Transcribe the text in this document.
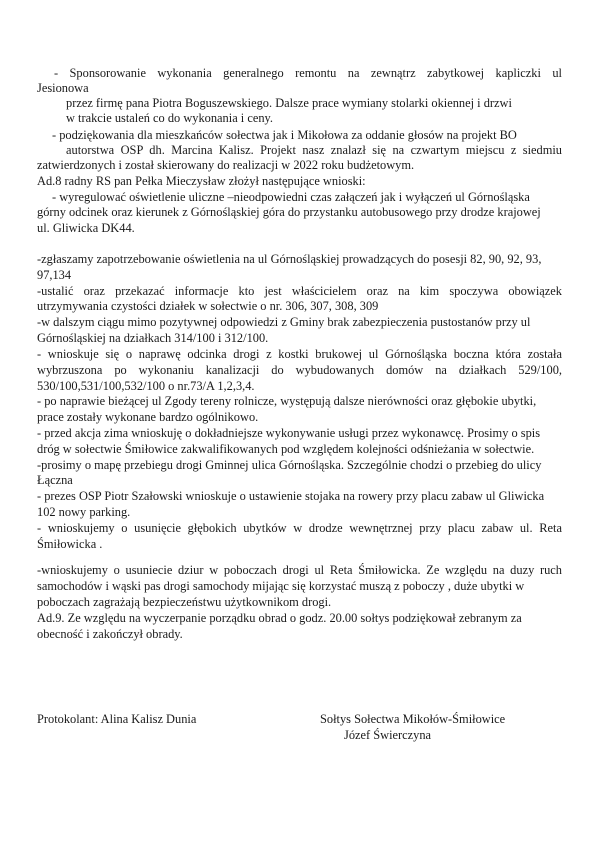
- Sponsorowanie wykonania generalnego remontu na zewnątrz zabytkowej kapliczki ul
Jesionowa
przez firmę pana Piotra Boguszewskiego. Dalsze prace wymiany stolarki okiennej i drzwi
w trakcie ustaleń co do wykonania i ceny.
- podziękowania dla mieszkańców sołectwa jak i Mikołowa za oddanie głosów na projekt BO
autorstwa OSP dh. Marcina Kalisz. Projekt nasz znalazł się na czwartym miejscu z siedmiu
zatwierdzonych i został skierowany do realizacji w 2022 roku budżetowym.
Ad.8 radny RS pan Pełka Mieczysław złożył następujące wnioski:
- wyregulować oświetlenie uliczne –nieodpowiedni czas załączeń jak i wyłączeń ul Górnośląska
górny odcinek oraz kierunek z Górnośląskiej góra do przystanku autobusowego przy drodze krajowej
ul. Gliwicka DK44.
-zgłaszamy zapotrzebowanie oświetlenia na ul Górnośląskiej prowadzących do posesji 82, 90, 92, 93,
97,134
-ustalić oraz przekazać informacje kto jest właścicielem oraz na kim spoczywa obowiązek
utrzymywania czystości działek w sołectwie o nr. 306, 307, 308, 309
-w dalszym ciągu mimo pozytywnej odpowiedzi z Gminy brak zabezpieczenia pustostanów przy ul
Górnośląskiej na działkach 314/100 i 312/100.
- wnioskuje się o naprawę odcinka drogi z kostki brukowej ul Górnośląska boczna która została
wybrzuszona po wykonaniu kanalizacji do wybudowanych domów na działkach 529/100,
530/100,531/100,532/100 o nr.73/A 1,2,3,4.
- po naprawie bieżącej ul Zgody tereny rolnicze, występują dalsze nierówności oraz głębokie ubytki,
prace zostały wykonane bardzo ogólnikowo.
- przed akcja zima wnioskuję o dokładniejsze wykonywanie usługi przez wykonawcę. Prosimy o spis
dróg w sołectwie Śmiłowice zakwalifikowanych pod względem kolejności odśnieżania w sołectwie.
-prosimy o mapę przebiegu drogi Gminnej ulica Górnośląska. Szczególnie chodzi o przebieg do ulicy
Łączna
- prezes OSP Piotr Szałowski wnioskuje o ustawienie stojaka na rowery przy placu zabaw ul Gliwicka
102 nowy parking.
- wnioskujemy o usunięcie głębokich ubytków w drodze wewnętrznej przy placu zabaw ul. Reta
Śmiłowicka .
-wnioskujemy o usuniecie dziur w poboczach drogi ul Reta Śmiłowicka. Ze względu na duzy ruch
samochodów i wąski pas drogi samochody mijając się korzystać muszą z poboczy , duże ubytki w
poboczach zagrażają bezpieczeństwu użytkownikom drogi.
Ad.9. Ze względu na wyczerpanie porządku obrad o godz. 20.00 sołtys podziękował zebranym za
obecność i zakończył obrady.
Protokolant: Alina Kalisz Dunia	Sołtys Sołectwa Mikołów-Śmiłowice
Józef Świerczyna
